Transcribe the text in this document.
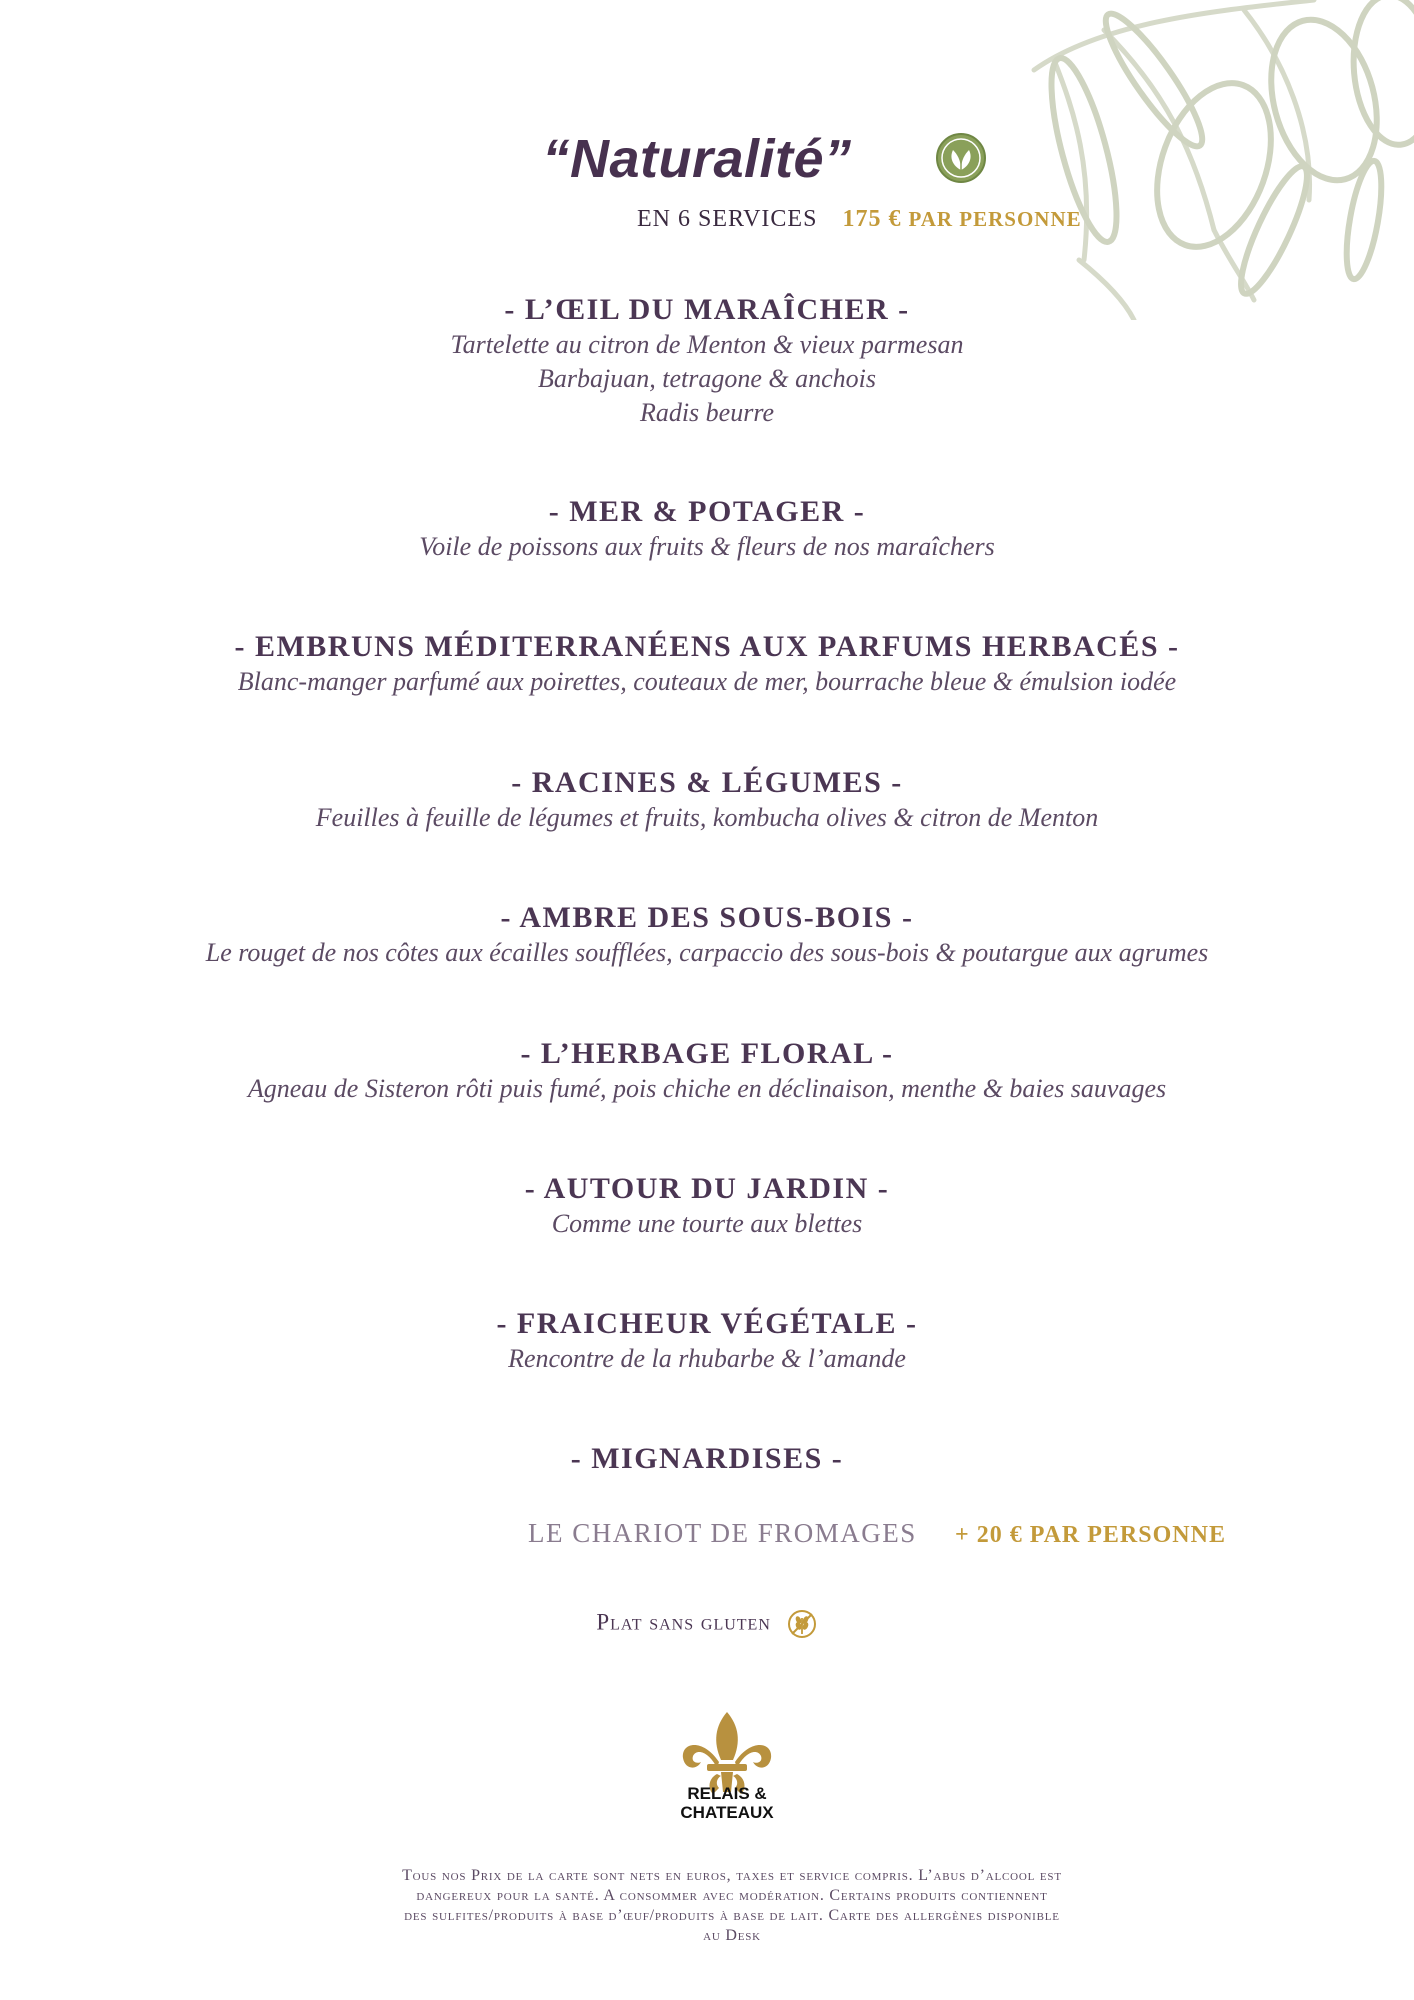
“Naturalité”
EN 6 SERVICES 175 € PAR PERSONNE
- L’ŒIL DU MARAÎCHER -
Tartelette au citron de Menton & vieux parmesan
Barbajuan, tetragone & anchois
Radis beurre
- MER & POTAGER -
Voile de poissons aux fruits & fleurs de nos maraîchers
- EMBRUNS MÉDITERRANÉENS AUX PARFUMS HERBACÉS -
Blanc-manger parfumé aux poirettes, couteaux de mer, bourrache bleue & émulsion iodée
- RACINES & LÉGUMES -
Feuilles à feuille de légumes et fruits, kombucha olives & citron de Menton
- AMBRE DES SOUS-BOIS -
Le rouget de nos côtes aux écailles soufflées, carpaccio des sous-bois & poutargue aux agrumes
- L’HERBAGE FLORAL -
Agneau de Sisteron rôti puis fumé, pois chiche en déclinaison, menthe & baies sauvages
- AUTOUR DU JARDIN -
Comme une tourte aux blettes
- FRAICHEUR VÉGÉTALE -
Rencontre de la rhubarbe & l’amande
- MIGNARDISES -
LE CHARIOT DE FROMAGES + 20 € PAR PERSONNE
Plat sans gluten
RELAIS &
CHATEAUX
Tous nos Prix de la carte sont nets en euros, taxes et service compris. L’abus d’alcool est
dangereux pour la santé. A consommer avec modération. Certains produits contiennent
des sulfites/produits à base d’œuf/produits à base de lait. Carte des allergènes disponible
au Desk
